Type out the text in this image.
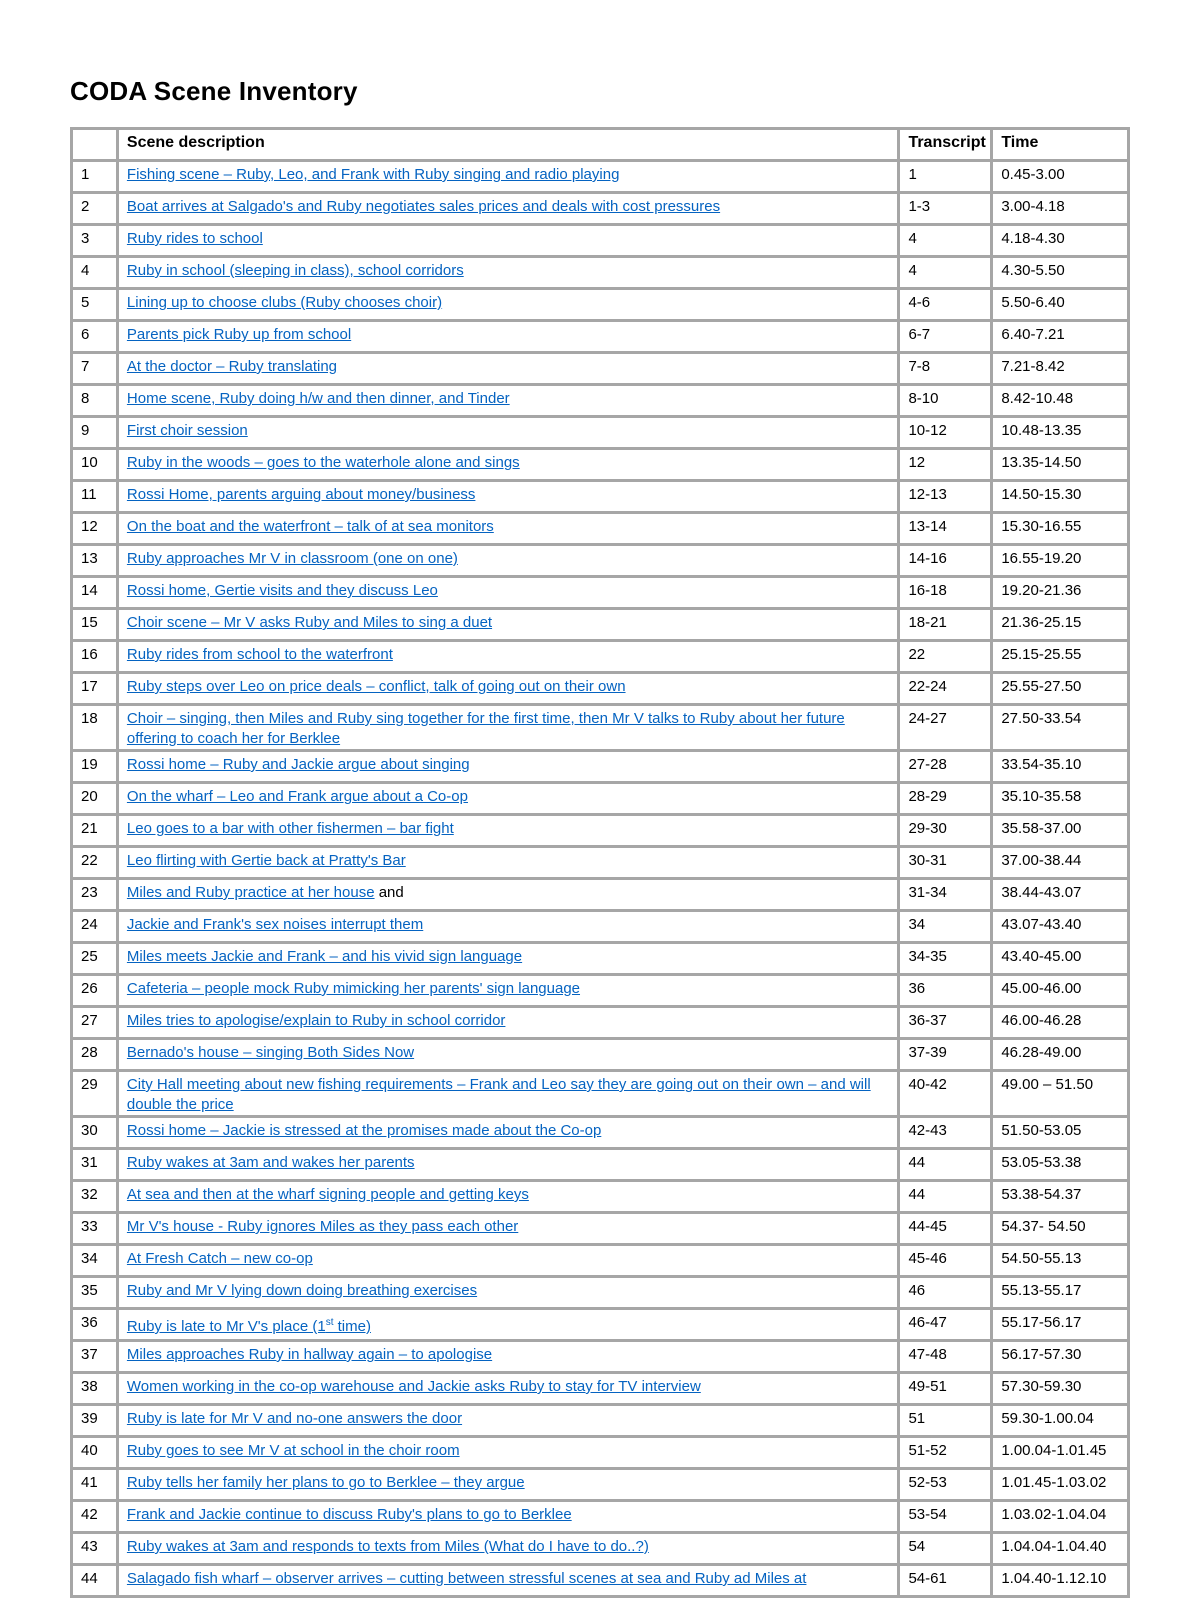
CODA Scene Inventory
	Scene description	Transcript	Time
1	Fishing scene – Ruby, Leo, and Frank with Ruby singing and radio playing	1	0.45-3.00
2	Boat arrives at Salgado's and Ruby negotiates sales prices and deals with cost pressures	1-3	3.00-4.18
3	Ruby rides to school	4	4.18-4.30
4	Ruby in school (sleeping in class), school corridors	4	4.30-5.50
5	Lining up to choose clubs (Ruby chooses choir)	4-6	5.50-6.40
6	Parents pick Ruby up from school	6-7	6.40-7.21
7	At the doctor – Ruby translating	7-8	7.21-8.42
8	Home scene, Ruby doing h/w and then dinner, and Tinder	8-10	8.42-10.48
9	First choir session	10-12	10.48-13.35
10	Ruby in the woods – goes to the waterhole alone and sings	12	13.35-14.50
11	Rossi Home, parents arguing about money/business	12-13	14.50-15.30
12	On the boat and the waterfront – talk of at sea monitors	13-14	15.30-16.55
13	Ruby approaches Mr V in classroom (one on one)	14-16	16.55-19.20
14	Rossi home, Gertie visits and they discuss Leo	16-18	19.20-21.36
15	Choir scene – Mr V asks Ruby and Miles to sing a duet	18-21	21.36-25.15
16	Ruby rides from school to the waterfront	22	25.15-25.55
17	Ruby steps over Leo on price deals – conflict, talk of going out on their own	22-24	25.55-27.50
18	Choir – singing, then Miles and Ruby sing together for the first time, then Mr V talks to Ruby about her future offering to coach her for Berklee	24-27	27.50-33.54
19	Rossi home – Ruby and Jackie argue about singing	27-28	33.54-35.10
20	On the wharf – Leo and Frank argue about a Co-op	28-29	35.10-35.58
21	Leo goes to a bar with other fishermen – bar fight	29-30	35.58-37.00
22	Leo flirting with Gertie back at Pratty's Bar	30-31	37.00-38.44
23	Miles and Ruby practice at her house and	31-34	38.44-43.07
24	Jackie and Frank's sex noises interrupt them	34	43.07-43.40
25	Miles meets Jackie and Frank – and his vivid sign language	34-35	43.40-45.00
26	Cafeteria – people mock Ruby mimicking her parents' sign language	36	45.00-46.00
27	Miles tries to apologise/explain to Ruby in school corridor	36-37	46.00-46.28
28	Bernado's house – singing Both Sides Now	37-39	46.28-49.00
29	City Hall meeting about new fishing requirements – Frank and Leo say they are going out on their own – and will double the price	40-42	49.00 – 51.50
30	Rossi home – Jackie is stressed at the promises made about the Co-op	42-43	51.50-53.05
31	Ruby wakes at 3am and wakes her parents	44	53.05-53.38
32	At sea and then at the wharf signing people and getting keys	44	53.38-54.37
33	Mr V's house - Ruby ignores Miles as they pass each other	44-45	54.37- 54.50
34	At Fresh Catch – new co-op	45-46	54.50-55.13
35	Ruby and Mr V lying down doing breathing exercises	46	55.13-55.17
36	Ruby is late to Mr V's place (1st time)	46-47	55.17-56.17
37	Miles approaches Ruby in hallway again – to apologise	47-48	56.17-57.30
38	Women working in the co-op warehouse and Jackie asks Ruby to stay for TV interview	49-51	57.30-59.30
39	Ruby is late for Mr V and no-one answers the door	51	59.30-1.00.04
40	Ruby goes to see Mr V at school in the choir room	51-52	1.00.04-1.01.45
41	Ruby tells her family her plans to go to Berklee – they argue	52-53	1.01.45-1.03.02
42	Frank and Jackie continue to discuss Ruby's plans to go to Berklee	53-54	1.03.02-1.04.04
43	Ruby wakes at 3am and responds to texts from Miles (What do I have to do..?)	54	1.04.04-1.04.40
44	Salagado fish wharf – observer arrives – cutting between stressful scenes at sea and Ruby ad Miles at	54-61	1.04.40-1.12.10
